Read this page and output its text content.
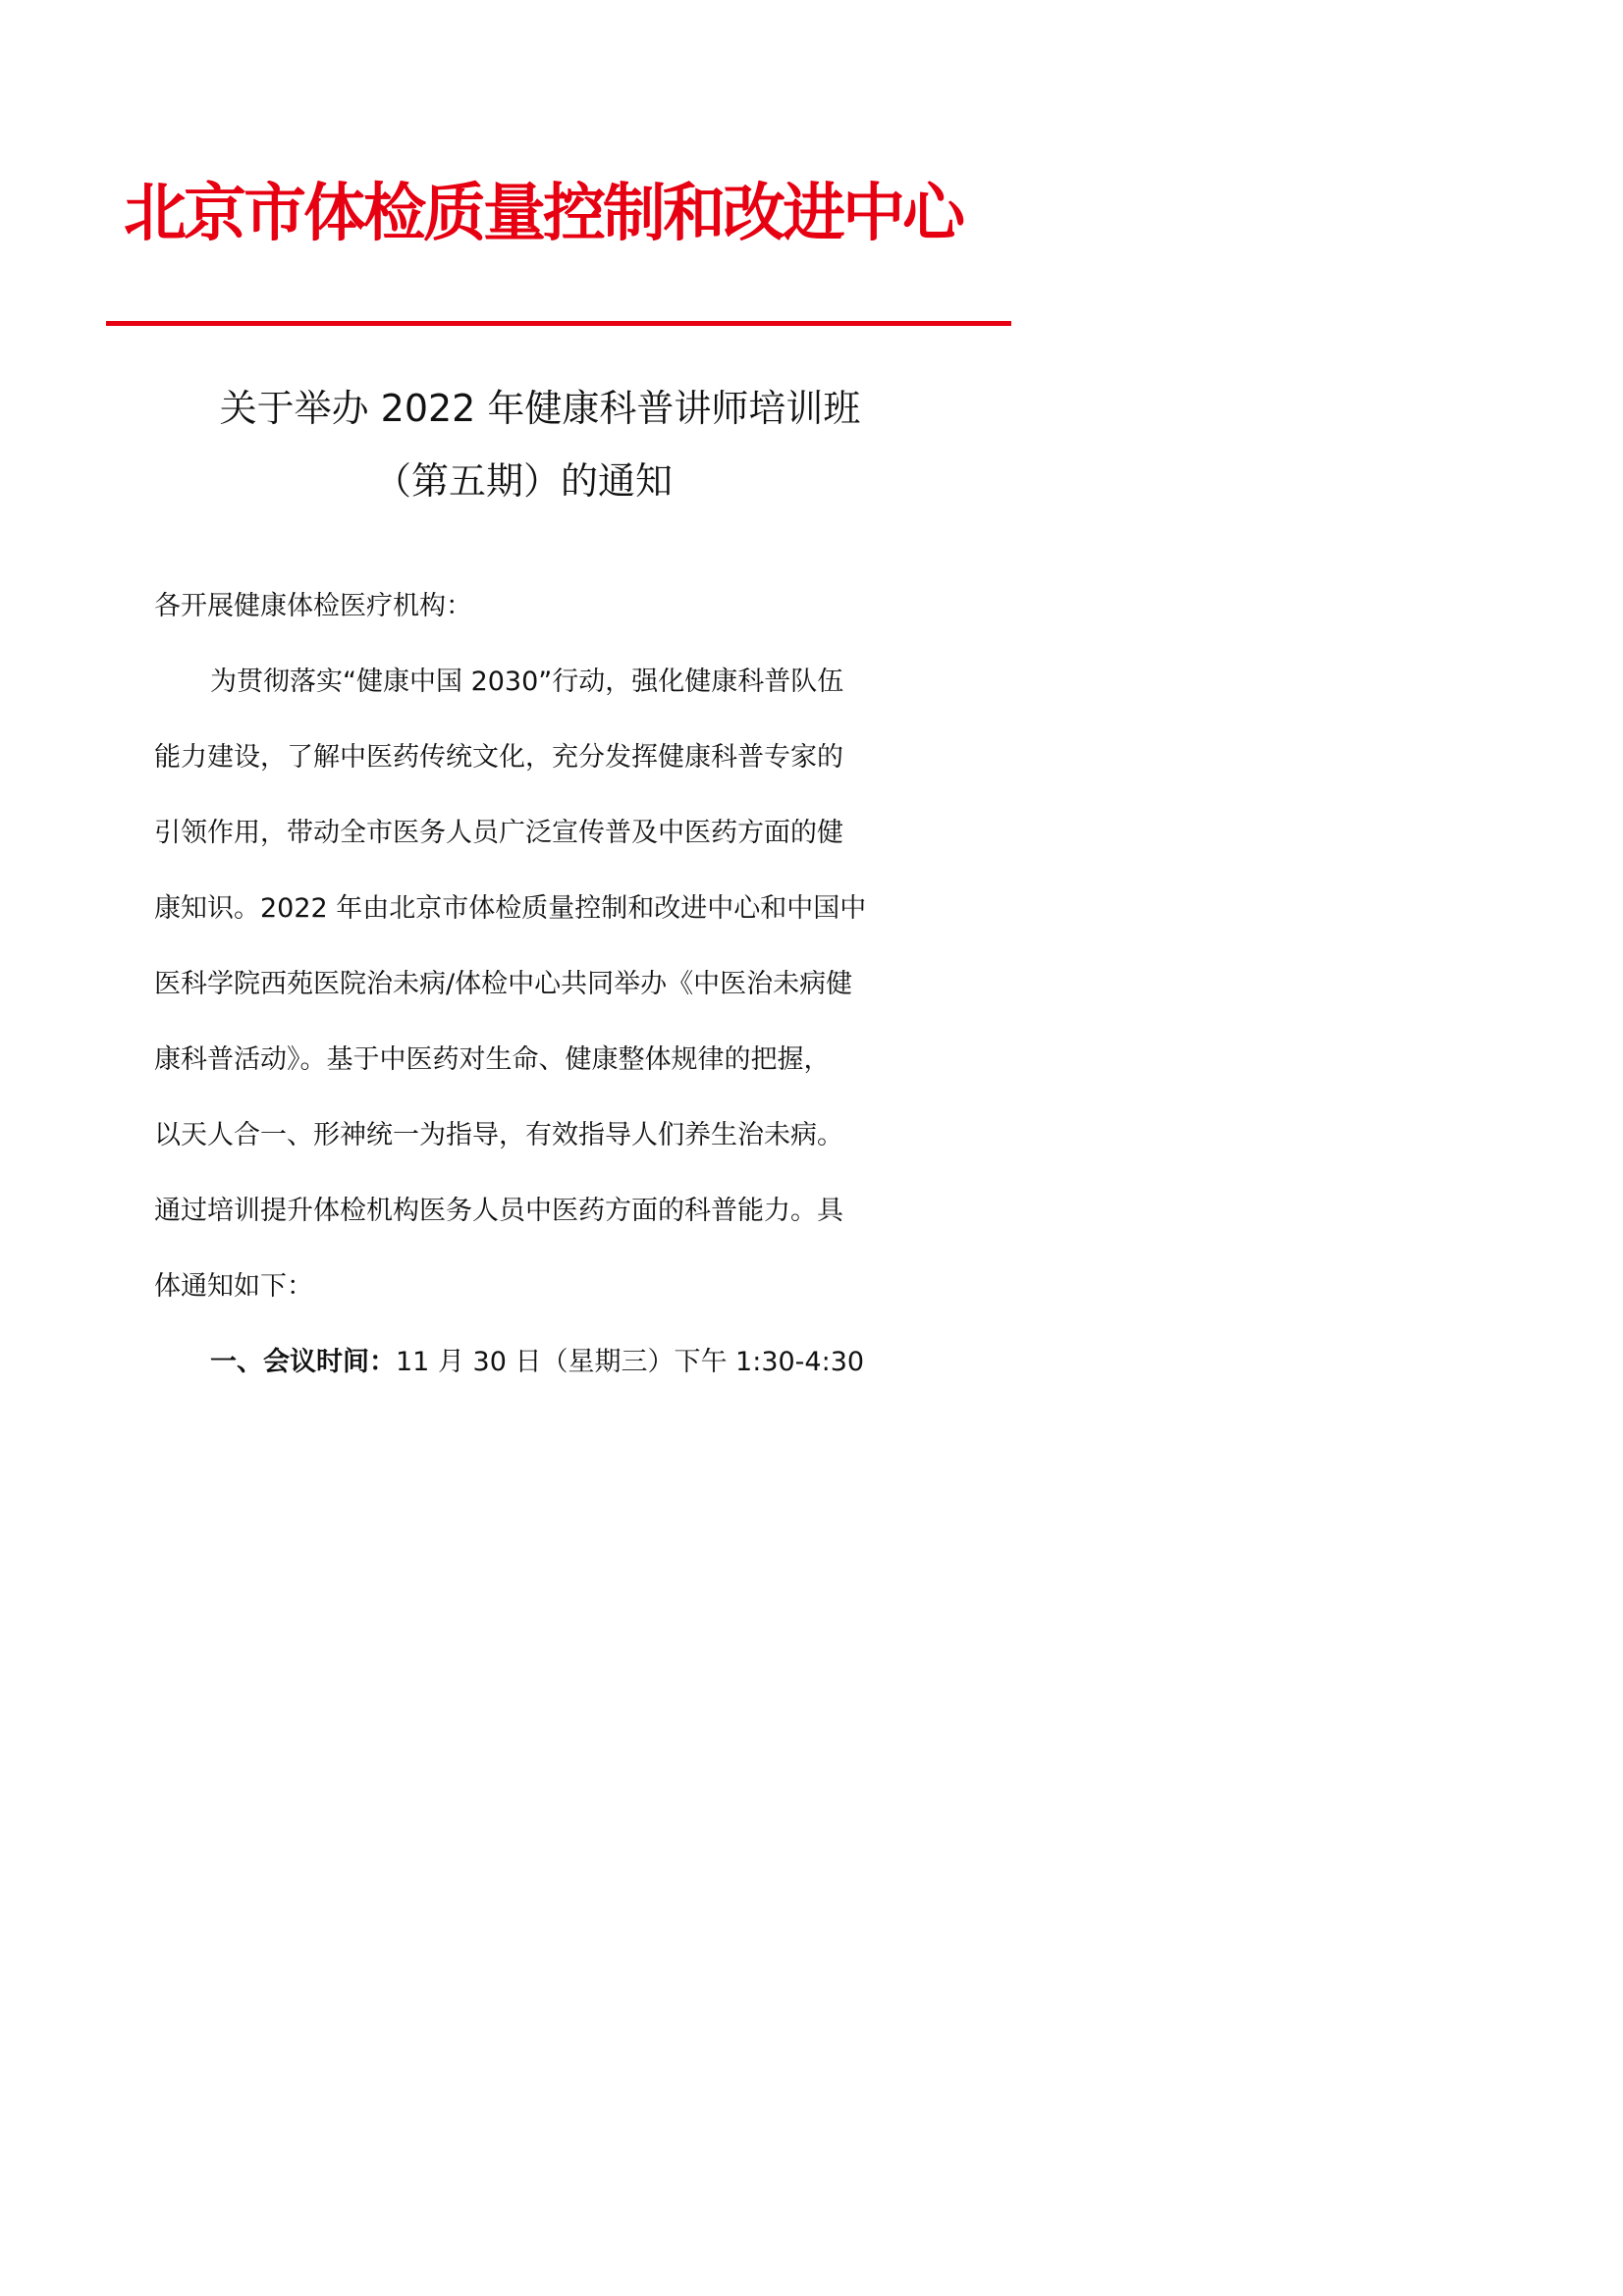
北京市体检质量控制和改进中心
关于举办 2022 年健康科普讲师培训班
（第五期）的通知
各开展健康体检医疗机构：
为贯彻落实“健康中国 2030”行动，强化健康科普队伍
能力建设，了解中医药传统文化，充分发挥健康科普专家的
引领作用，带动全市医务人员广泛宣传普及中医药方面的健
康知识。2022 年由北京市体检质量控制和改进中心和中国中
医科学院西苑医院治未病/体检中心共同举办《中医治未病健
康科普活动》。基于中医药对生命、健康整体规律的把握，
以天人合一、形神统一为指导，有效指导人们养生治未病。
通过培训提升体检机构医务人员中医药方面的科普能力。具
体通知如下：
一、会议时间：11 月 30 日（星期三）下午 1:30-4:30
